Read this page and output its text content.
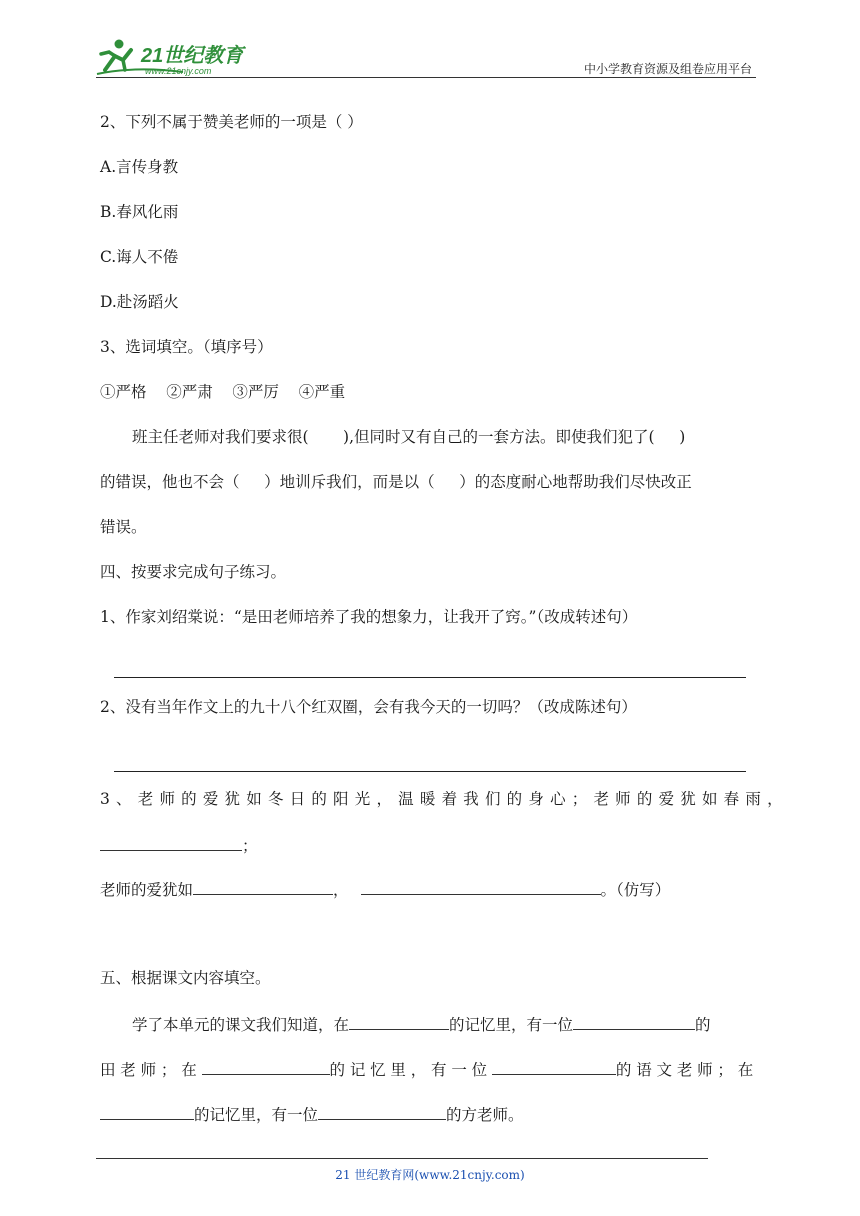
21世纪教育
www.21cnjy.com	中小学教育资源及组卷应用平台
2、下列不属于赞美老师的一项是（ ）
A.言传身教
B.春风化雨
C.诲人不倦
D.赴汤蹈火
3、选词填空。（填序号）
①严格    ②严肃    ③严厉    ④严重
班主任老师对我们要求很(       ),但同时又有自己的一套方法。即使我们犯了(     )
的错误，他也不会（     ）地训斥我们，而是以（     ）的态度耐心地帮助我们尽快改正
错误。
四、按要求完成句子练习。
1、作家刘绍棠说：“是田老师培养了我的想象力，让我开了窍。”（改成转述句）
2、没有当年作文上的九十八个红双圈，会有我今天的一切吗？（改成陈述句）
3、老师的爱犹如冬日的阳光，温暖着我们的身心；老师的爱犹如春雨，
；
老师的爱犹如	，	。（仿写）
五、根据课文内容填空。
学了本单元的课文我们知道，在	的记忆里，有一位	的
田老师；在	的记忆里，有一位	的语文老师；在
的记忆里，有一位	的方老师。
21 世纪教育网(www.21cnjy.com)
